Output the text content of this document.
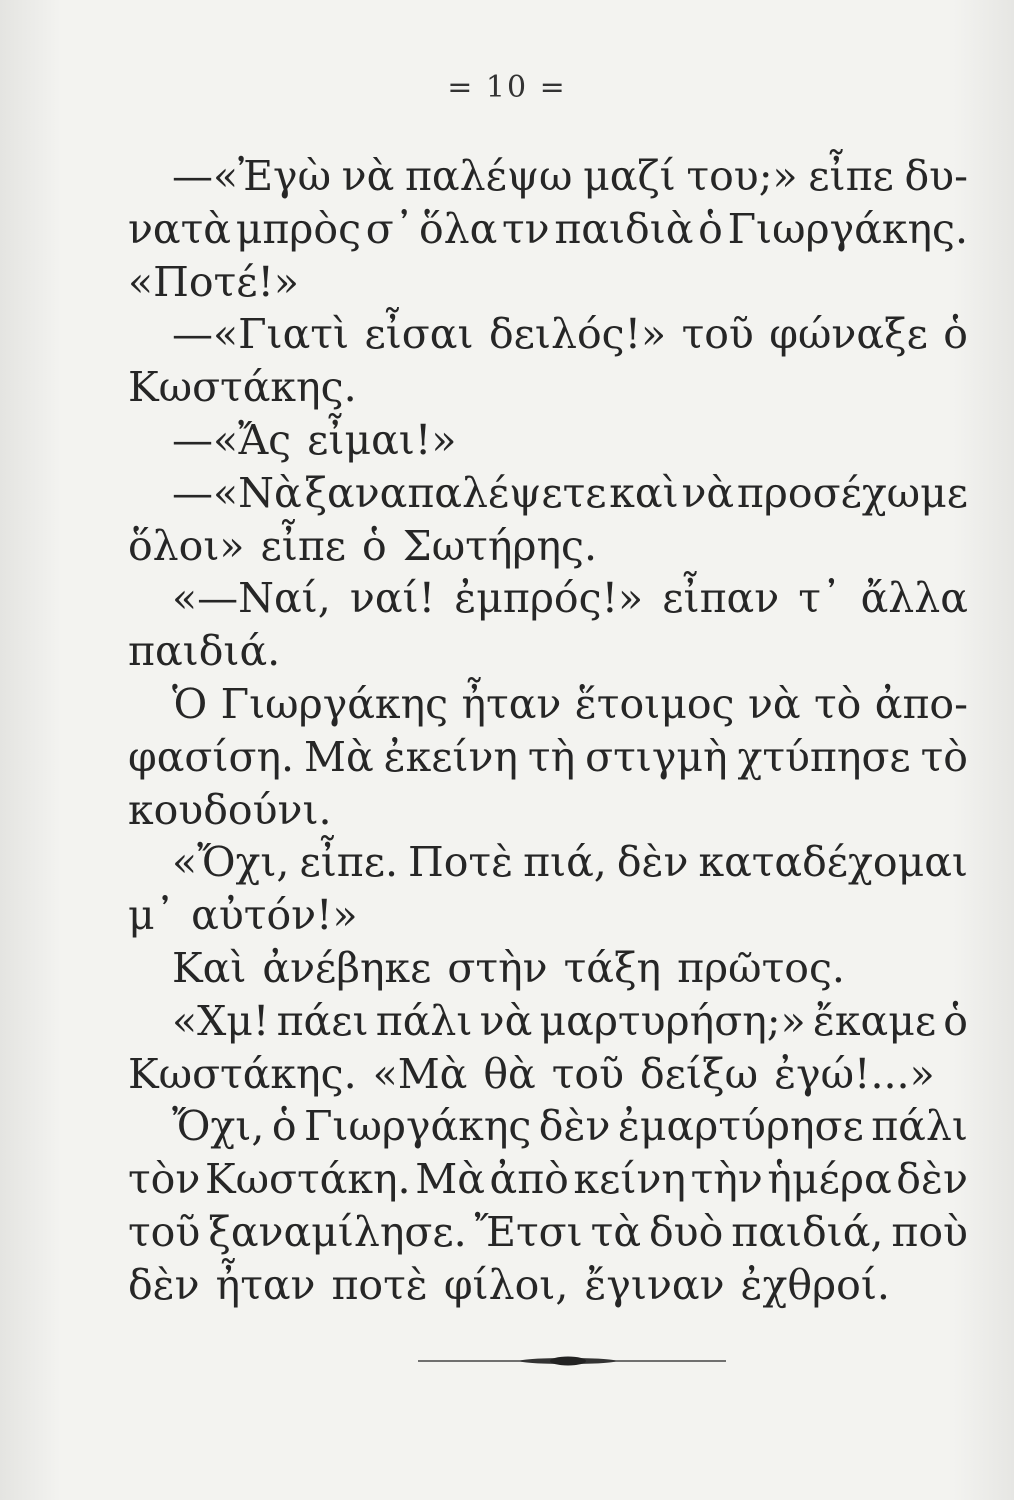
= 10 =
—«Ἐγὼ νὰ παλέψω μαζί του;» εἶπε δυ-
νατὰ μπρὸς σ᾽ ὅλα τν παιδιὰ ὁ Γιωργάκης.
«Ποτέ!»
—«Γιατὶ εἶσαι δειλός!» τοῦ φώναξε ὁ
Κωστάκης.
—«Ἄς εἶμαι!»
—«Νὰ ξαναπαλέψετε καὶ νὰ προσέχωμε
ὅλοι» εἶπε ὁ Σωτήρης.
«—Ναί, ναί! ἐμπρός!» εἶπαν τ᾽ ἄλλα
παιδιά.
Ὁ Γιωργάκης ἦταν ἕτοιμος νὰ τὸ ἀπο-
φασίση. Μὰ ἐκείνη τὴ στιγμὴ χτύπησε τὸ
κουδούνι.
«Ὄχι, εἶπε. Ποτὲ πιά, δὲν καταδέχομαι
μ᾽ αὐτόν!»
Καὶ ἀνέβηκε στὴν τάξη πρῶτος.
«Χμ! πάει πάλι νὰ μαρτυρήση;» ἔκαμε ὁ
Κωστάκης. «Μὰ θὰ τοῦ δείξω ἐγώ!...»
Ὄχι, ὁ Γιωργάκης δὲν ἐμαρτύρησε πάλι
τὸν Κωστάκη. Μὰ ἀπὸ κείνη τὴν ἡμέρα δὲν
τοῦ ξαναμίλησε. Ἔτσι τὰ δυὸ παιδιά, ποὺ
δὲν ἦταν ποτὲ φίλοι, ἔγιναν ἐχθροί.
